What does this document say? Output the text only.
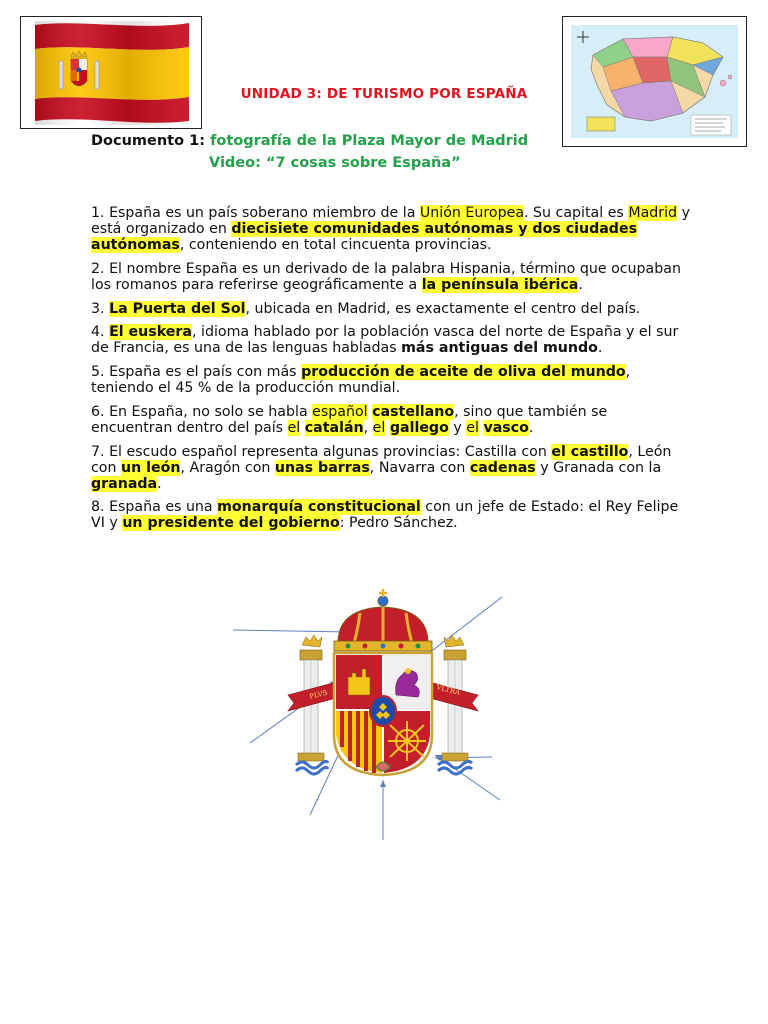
UNIDAD 3: DE TURISMO POR ESPAÑA
Documento 1: fotografía de la Plaza Mayor de Madrid
Video: “7 cosas sobre España”
1. España es un país soberano miembro de la Unión Europea. Su capital es Madrid y está organizado en diecisiete comunidades autónomas y dos ciudades autónomas, conteniendo en total cincuenta provincias.
2. El nombre España es un derivado de la palabra Hispania, término que ocupaban los romanos para referirse geográficamente a la península ibérica.
3. La Puerta del Sol, ubicada en Madrid, es exactamente el centro del país.
4. El euskera, idioma hablado por la población vasca del norte de España y el sur de Francia, es una de las lenguas habladas más antiguas del mundo.
5. España es el país con más producción de aceite de oliva del mundo, teniendo el 45 % de la producción mundial.
6. En España, no solo se habla español castellano, sino que también se encuentran dentro del país el catalán, el gallego y el vasco.
7. El escudo español representa algunas provincias: Castilla con el castillo, León con un león, Aragón con unas barras, Navarra con cadenas y Granada con la granada.
8. España es una monarquía constitucional con un jefe de Estado: el Rey Felipe VI y un presidente del gobierno: Pedro Sánchez.
PLVS	VLTRA
